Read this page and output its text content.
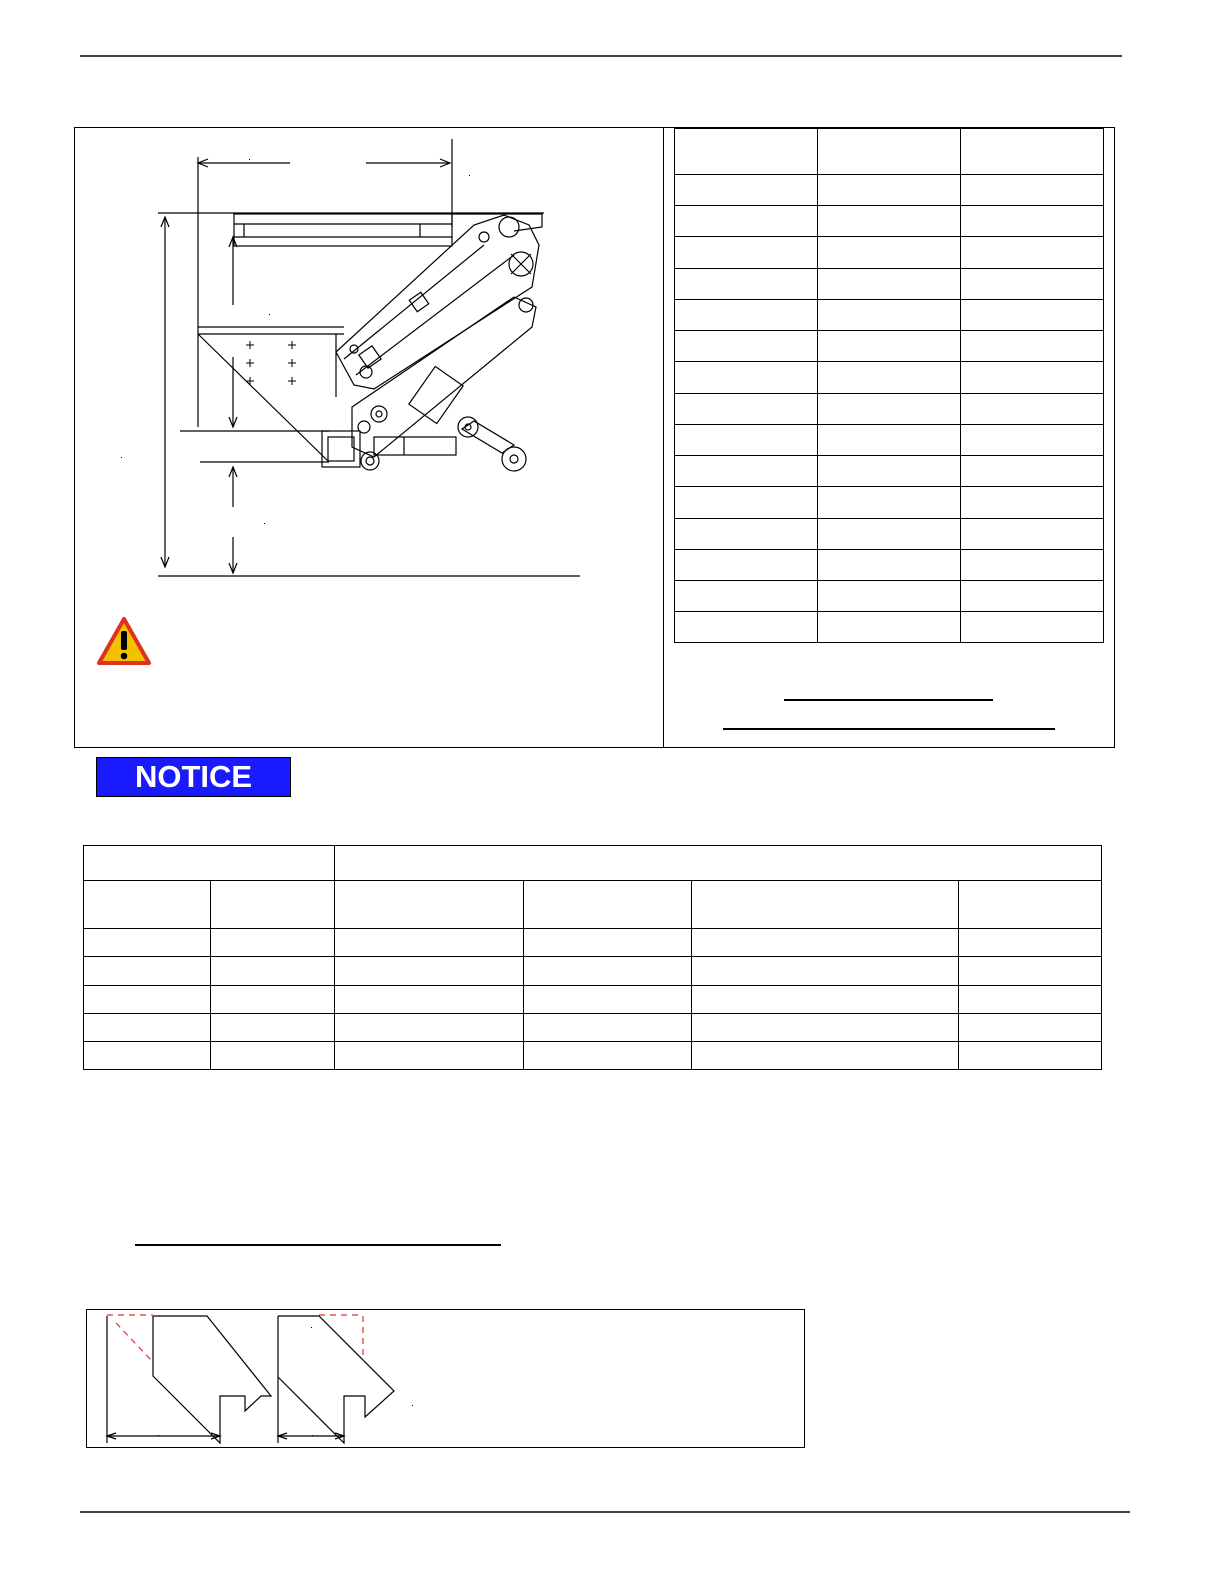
NOTICE
